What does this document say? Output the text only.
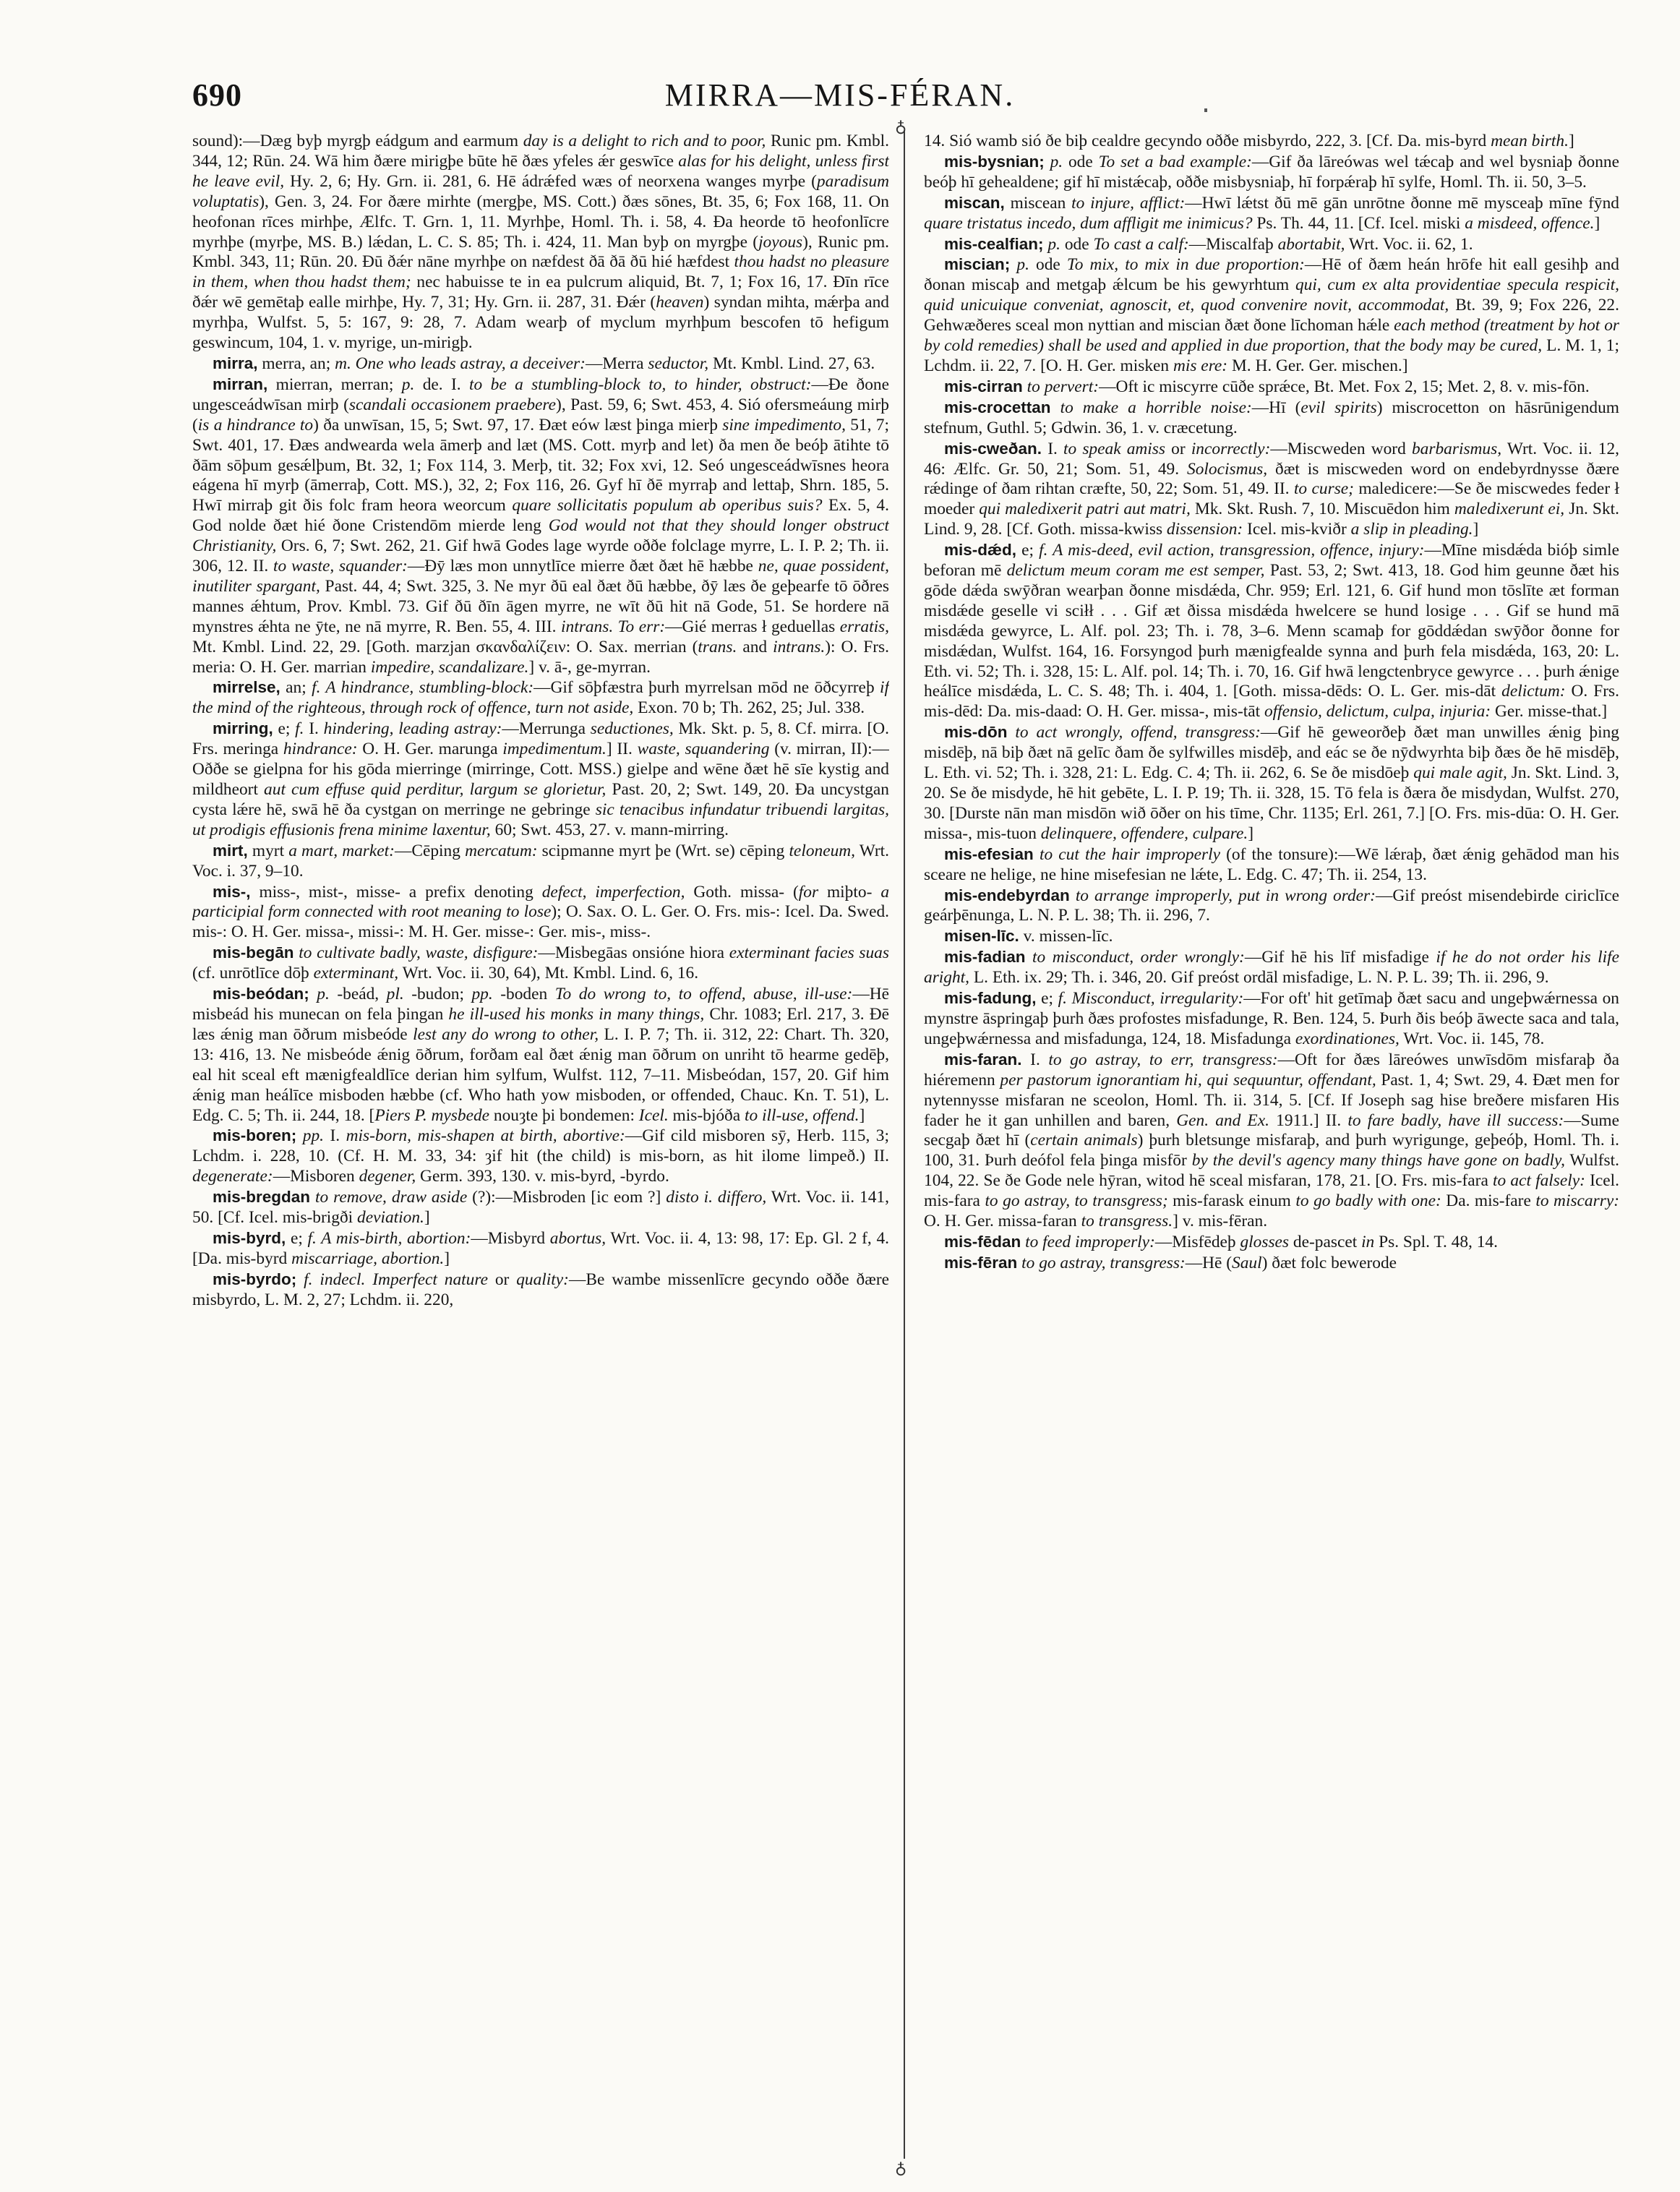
690	MIRRA—MIS-FÉRAN.

sound):—Dæg byþ myrgþ eádgum and earmum day is a delight to rich and to poor, Runic pm. Kmbl. 344, 12; Rūn. 24. Wā him ðære mirigþe būte hē ðæs yfeles ǽr geswīce alas for his delight, unless first he leave evil, Hy. 2, 6; Hy. Grn. ii. 281, 6. Hē ádrǽfed wæs of neorxena wanges myrþe (paradisum voluptatis), Gen. 3, 24. For ðære mirhte (mergþe, MS. Cott.) ðæs sōnes, Bt. 35, 6; Fox 168, 11. On heofonan rīces mirhþe, Ælfc. T. Grn. 1, 11. Myrhþe, Homl. Th. i. 58, 4. Ða heorde tō heofonlīcre myrhþe (myrþe, MS. B.) lǽdan, L. C. S. 85; Th. i. 424, 11. Man byþ on myrgþe (joyous), Runic pm. Kmbl. 343, 11; Rūn. 20. Ðū ðǽr nāne myrhþe on næfdest ðā ðā ðū hié hæfdest thou hadst no pleasure in them, when thou hadst them; nec habuisse te in ea pulcrum aliquid, Bt. 7, 1; Fox 16, 17. Ðīn rīce ðǽr wē gemētaþ ealle mirhþe, Hy. 7, 31; Hy. Grn. ii. 287, 31. Ðǽr (heaven) syndan mihta, mǽrþa and myrhþa, Wulfst. 5, 5: 167, 9: 28, 7. Adam wearþ of myclum myrhþum bescofen tō hefigum geswincum, 104, 1. v. myrige, un-mirigþ.

mirra, merra, an; m. One who leads astray, a deceiver:—Merra seductor, Mt. Kmbl. Lind. 27, 63.

mirran, mierran, merran; p. de. I. to be a stumbling-block to, to hinder, obstruct:—Ðe ðone ungesceádwīsan mirþ (scandali occasionem praebere), Past. 59, 6; Swt. 453, 4. Sió ofersmeáung mirþ (is a hindrance to) ða unwīsan, 15, 5; Swt. 97, 17. Ðæt eów læst þinga mierþ sine impedimento, 51, 7; Swt. 401, 17. Ðæs andwearda wela āmerþ and læt (MS. Cott. myrþ and let) ða men ðe beóþ ātihte tō ðām sōþum gesǽlþum, Bt. 32, 1; Fox 114, 3. Merþ, tit. 32; Fox xvi, 12. Seó ungesceádwīsnes heora eágena hī myrþ (āmerraþ, Cott. MS.), 32, 2; Fox 116, 26. Gyf hī ðē myrraþ and lettaþ, Shrn. 185, 5. Hwī mirraþ git ðis folc fram heora weorcum quare sollicitatis populum ab operibus suis? Ex. 5, 4. God nolde ðæt hié ðone Cristendōm mierde leng God would not that they should longer obstruct Christianity, Ors. 6, 7; Swt. 262, 21. Gif hwā Godes lage wyrde oððe folclage myrre, L. I. P. 2; Th. ii. 306, 12. II. to waste, squander:—Ðȳ læs mon unnytlīce mierre ðæt ðæt hē hæbbe ne, quae possident, inutiliter spargant, Past. 44, 4; Swt. 325, 3. Ne myr ðū eal ðæt ðū hæbbe, ðȳ læs ðe geþearfe tō ōðres mannes ǽhtum, Prov. Kmbl. 73. Gif ðū ðīn āgen myrre, ne wīt ðū hit nā Gode, 51. Se hordere nā mynstres ǽhta ne ȳte, ne nā myrre, R. Ben. 55, 4. III. intrans. To err:—Gié merras ł geduellas erratis, Mt. Kmbl. Lind. 22, 29. [Goth. marzjan σκανδαλίζειν: O. Sax. merrian (trans. and intrans.): O. Frs. meria: O. H. Ger. marrian impedire, scandalizare.] v. ā-, ge-myrran.

mirrelse, an; f. A hindrance, stumbling-block:—Gif sōþfæstra þurh myrrelsan mōd ne ōðcyrreþ if the mind of the righteous, through rock of offence, turn not aside, Exon. 70 b; Th. 262, 25; Jul. 338.

mirring, e; f. I. hindering, leading astray:—Merrunga seductiones, Mk. Skt. p. 5, 8. Cf. mirra. [O. Frs. meringa hindrance: O. H. Ger. marunga impedimentum.] II. waste, squandering (v. mirran, II):—Oððe se gielpna for his gōda mierringe (mirringe, Cott. MSS.) gielpe and wēne ðæt hē sīe kystig and mildheort aut cum effuse quid perditur, largum se glorietur, Past. 20, 2; Swt. 149, 20. Ða uncystgan cysta lǽre hē, swā hē ða cystgan on merringe ne gebringe sic tenacibus infundatur tribuendi largitas, ut prodigis effusionis frena minime laxentur, 60; Swt. 453, 27. v. mann-mirring.

mirt, myrt a mart, market:—Cēping mercatum: scipmanne myrt þe (Wrt. se) cēping teloneum, Wrt. Voc. i. 37, 9–10.

mis-, miss-, mist-, misse- a prefix denoting defect, imperfection, Goth. missa- (for miþto- a participial form connected with root meaning to lose); O. Sax. O. L. Ger. O. Frs. mis-: Icel. Da. Swed. mis-: O. H. Ger. missa-, missi-: M. H. Ger. misse-: Ger. mis-, miss-.

mis-begān to cultivate badly, waste, disfigure:—Misbegāas onsióne hiora exterminant facies suas (cf. unrōtlīce dōþ exterminant, Wrt. Voc. ii. 30, 64), Mt. Kmbl. Lind. 6, 16.

mis-beódan; p. -beád, pl. -budon; pp. -boden To do wrong to, to offend, abuse, ill-use:—Hē misbeád his munecan on fela þingan he ill-used his monks in many things, Chr. 1083; Erl. 217, 3. Ðē læs ǽnig man ōðrum misbeóde lest any do wrong to other, L. I. P. 7; Th. ii. 312, 22: Chart. Th. 320, 13: 416, 13. Ne misbeóde ǽnig ōðrum, forðam eal ðæt ǽnig man ōðrum on unriht tō hearme gedēþ, eal hit sceal eft mænigfealdlīce derian him sylfum, Wulfst. 112, 7–11. Misbeódan, 157, 20. Gif him ǽnig man heálīce misboden hæbbe (cf. Who hath yow misboden, or offended, Chauc. Kn. T. 51), L. Edg. C. 5; Th. ii. 244, 18. [Piers P. mysbede nouȝte þi bondemen: Icel. mis-bjóða to ill-use, offend.]

mis-boren; pp. I. mis-born, mis-shapen at birth, abortive:—Gif cild misboren sȳ, Herb. 115, 3; Lchdm. i. 228, 10. (Cf. H. M. 33, 34: ȝif hit (the child) is mis-born, as hit ilome limpeð.) II. degenerate:—Misboren degener, Germ. 393, 130. v. mis-byrd, -byrdo.

mis-bregdan to remove, draw aside (?):—Misbroden [ic eom ?] disto i. differo, Wrt. Voc. ii. 141, 50. [Cf. Icel. mis-brigði deviation.]

mis-byrd, e; f. A mis-birth, abortion:—Misbyrd abortus, Wrt. Voc. ii. 4, 13: 98, 17: Ep. Gl. 2 f, 4. [Da. mis-byrd miscarriage, abortion.]

mis-byrdo; f. indecl. Imperfect nature or quality:—Be wambe missenlīcre gecyndo oððe ðære misbyrdo, L. M. 2, 27; Lchdm. ii. 220,

♁
♁

14. Sió wamb sió ðe biþ cealdre gecyndo oððe misbyrdo, 222, 3. [Cf. Da. mis-byrd mean birth.]

mis-bysnian; p. ode To set a bad example:—Gif ða lāreówas wel tǽcaþ and wel bysniaþ ðonne beóþ hī gehealdene; gif hī mistǽcaþ, oððe misbysniaþ, hī forpǽraþ hī sylfe, Homl. Th. ii. 50, 3–5.

miscan, miscean to injure, afflict:—Hwī lǽtst ðū mē gān unrōtne ðonne mē mysceaþ mīne fȳnd quare tristatus incedo, dum affligit me inimicus? Ps. Th. 44, 11. [Cf. Icel. miski a misdeed, offence.]

mis-cealfian; p. ode To cast a calf:—Miscalfaþ abortabit, Wrt. Voc. ii. 62, 1.

miscian; p. ode To mix, to mix in due proportion:—Hē of ðæm heán hrōfe hit eall gesihþ and ðonan miscaþ and metgaþ ǽlcum be his gewyrhtum qui, cum ex alta providentiae specula respicit, quid unicuique conveniat, agnoscit, et, quod convenire novit, accommodat, Bt. 39, 9; Fox 226, 22. Gehwæðeres sceal mon nyttian and miscian ðæt ðone līchoman hǽle each method (treatment by hot or by cold remedies) shall be used and applied in due proportion, that the body may be cured, L. M. 1, 1; Lchdm. ii. 22, 7. [O. H. Ger. misken mis ere: M. H. Ger. Ger. mischen.]

mis-cirran to pervert:—Oft ic miscyrre cūðe sprǽce, Bt. Met. Fox 2, 15; Met. 2, 8. v. mis-fōn.

mis-crocettan to make a horrible noise:—Hī (evil spirits) miscrocetton on hāsrūnigendum stefnum, Guthl. 5; Gdwin. 36, 1. v. cræcetung.

mis-cweðan. I. to speak amiss or incorrectly:—Miscweden word barbarismus, Wrt. Voc. ii. 12, 46: Ælfc. Gr. 50, 21; Som. 51, 49. Solocismus, ðæt is miscweden word on endebyrdnysse ðære rǽdinge of ðam rihtan cræfte, 50, 22; Som. 51, 49. II. to curse; maledicere:—Se ðe miscwedes feder ł moeder qui maledixerit patri aut matri, Mk. Skt. Rush. 7, 10. Miscuēdon him maledixerunt ei, Jn. Skt. Lind. 9, 28. [Cf. Goth. missa-kwiss dissension: Icel. mis-kviðr a slip in pleading.]

mis-dǽd, e; f. A mis-deed, evil action, transgression, offence, injury:—Mīne misdǽda bióþ simle beforan mē delictum meum coram me est semper, Past. 53, 2; Swt. 413, 18. God him geunne ðæt his gōde dǽda swȳðran wearþan ðonne misdǽda, Chr. 959; Erl. 121, 6. Gif hund mon tōslīte æt forman misdǽde geselle vi sciłł . . . Gif æt ðissa misdǽda hwelcere se hund losige . . . Gif se hund mā misdǽda gewyrce, L. Alf. pol. 23; Th. i. 78, 3–6. Menn scamaþ for gōddǽdan swȳðor ðonne for misdǽdan, Wulfst. 164, 16. Forsyngod þurh mænigfealde synna and þurh fela misdǽda, 163, 20: L. Eth. vi. 52; Th. i. 328, 15: L. Alf. pol. 14; Th. i. 70, 16. Gif hwā lengctenbryce gewyrce . . . þurh ǽnige heálīce misdǽda, L. C. S. 48; Th. i. 404, 1. [Goth. missa-dēds: O. L. Ger. mis-dāt delictum: O. Frs. mis-dēd: Da. mis-daad: O. H. Ger. missa-, mis-tāt offensio, delictum, culpa, injuria: Ger. misse-that.]

mis-dōn to act wrongly, offend, transgress:—Gif hē geweorðeþ ðæt man unwilles ǽnig þing misdēþ, nā biþ ðæt nā gelīc ðam ðe sylfwilles misdēþ, and eác se ðe nȳdwyrhta biþ ðæs ðe hē misdēþ, L. Eth. vi. 52; Th. i. 328, 21: L. Edg. C. 4; Th. ii. 262, 6. Se ðe misdōeþ qui male agit, Jn. Skt. Lind. 3, 20. Se ðe misdyde, hē hit gebēte, L. I. P. 19; Th. ii. 328, 15. Tō fela is ðæra ðe misdydan, Wulfst. 270, 30. [Durste nān man misdōn wið ōðer on his tīme, Chr. 1135; Erl. 261, 7.] [O. Frs. mis-dūa: O. H. Ger. missa-, mis-tuon delinquere, offendere, culpare.]

mis-efesian to cut the hair improperly (of the tonsure):—Wē lǽraþ, ðæt ǽnig gehādod man his sceare ne helige, ne hine misefesian ne lǽte, L. Edg. C. 47; Th. ii. 254, 13.

mis-endebyrdan to arrange improperly, put in wrong order:—Gif preóst misendebirde ciriclīce geárþēnunga, L. N. P. L. 38; Th. ii. 296, 7.

misen-līc. v. missen-līc.

mis-fadian to misconduct, order wrongly:—Gif hē his līf misfadige if he do not order his life aright, L. Eth. ix. 29; Th. i. 346, 20. Gif preóst ordāl misfadige, L. N. P. L. 39; Th. ii. 296, 9.

mis-fadung, e; f. Misconduct, irregularity:—For oft' hit getīmaþ ðæt sacu and ungeþwǽrnessa on mynstre āspringaþ þurh ðæs profostes misfadunge, R. Ben. 124, 5. Þurh ðis beóþ āwecte saca and tala, ungeþwǽrnessa and misfadunga, 124, 18. Misfadunga exordinationes, Wrt. Voc. ii. 145, 78.

mis-faran. I. to go astray, to err, transgress:—Oft for ðæs lāreówes unwīsdōm misfaraþ ða hiéremenn per pastorum ignorantiam hi, qui sequuntur, offendant, Past. 1, 4; Swt. 29, 4. Ðæt men for nytennysse misfaran ne sceolon, Homl. Th. ii. 314, 5. [Cf. If Joseph sag hise breðere misfaren His fader he it gan unhillen and baren, Gen. and Ex. 1911.] II. to fare badly, have ill success:—Sume secgaþ ðæt hī (certain animals) þurh bletsunge misfaraþ, and þurh wyrigunge, geþeóþ, Homl. Th. i. 100, 31. Þurh deófol fela þinga misfōr by the devil's agency many things have gone on badly, Wulfst. 104, 22. Se ðe Gode nele hȳran, witod hē sceal misfaran, 178, 21. [O. Frs. mis-fara to act falsely: Icel. mis-fara to go astray, to transgress; mis-farask einum to go badly with one: Da. mis-fare to miscarry: O. H. Ger. missa-faran to transgress.] v. mis-fēran.

mis-fēdan to feed improperly:—Misfēdeþ glosses de-pascet in Ps. Spl. T. 48, 14.

mis-fēran to go astray, transgress:—Hē (Saul) ðæt folc bewerode
